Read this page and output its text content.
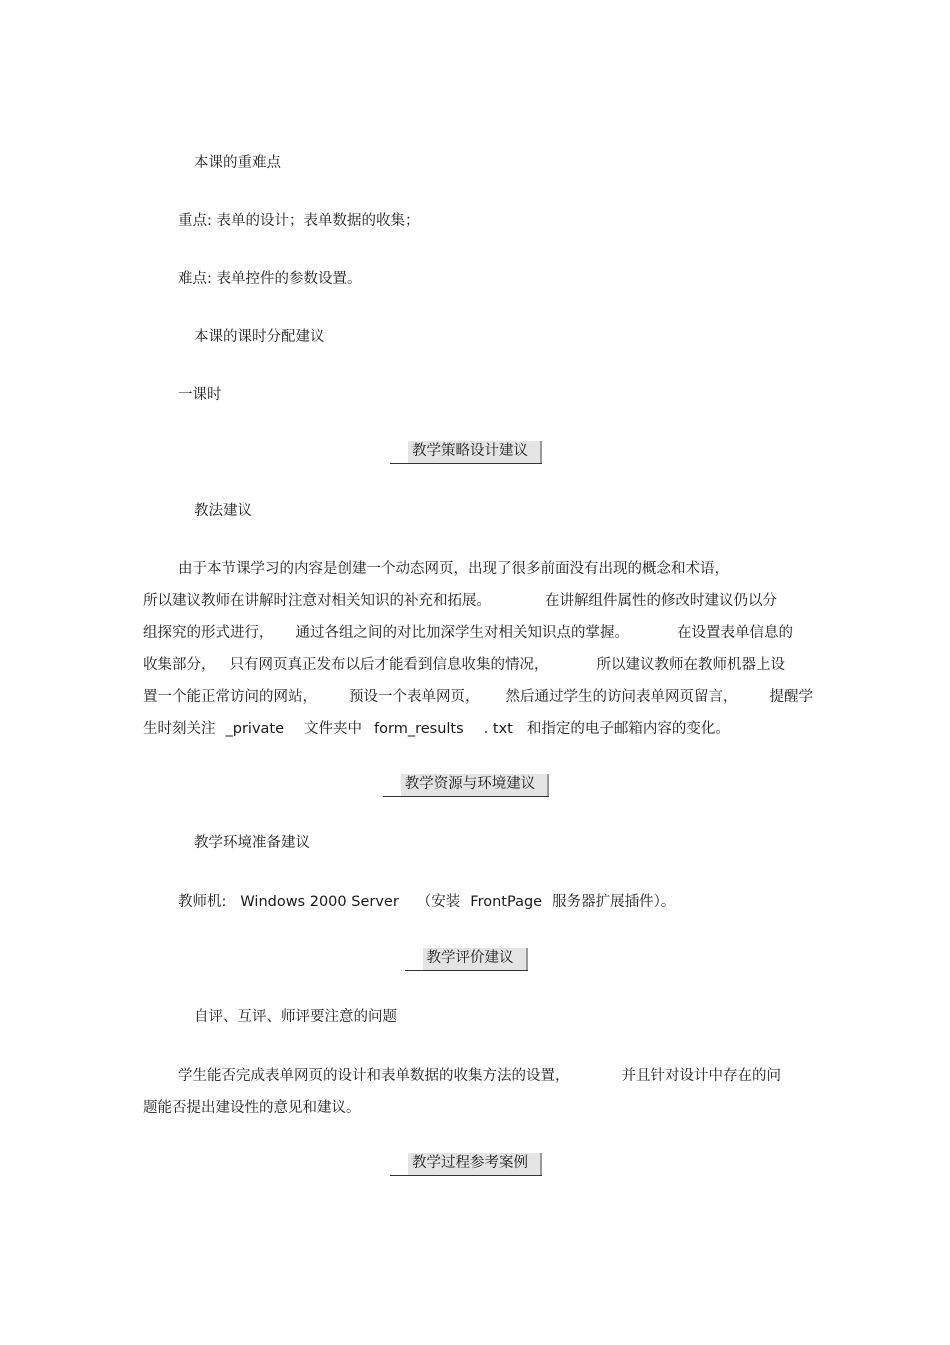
本课的重难点
重点: 表单的设计；表单数据的收集；
难点: 表单控件的参数设置。
本课的课时分配建议
一课时
教学策略设计建议
教法建议
由于本节课学习的内容是创建一个动态网页，出现了很多前面没有出现的概念和术语，
所以建议教师在讲解时注意对相关知识的补充和拓展。	在讲解组件属性的修改时建议仍以分
组探究的形式进行， 通过各组之间的对比加深学生对相关知识点的掌握。	在设置表单信息的
收集部分， 只有网页真正发布以后才能看到信息收集的情况，	所以建议教师在教师机器上设
置一个能正常访问的网站， 预设一个表单网页， 然后通过学生的访问表单网页留言， 提醒学
生时刻关注 _private 文件夹中 form_results . txt 和指定的电子邮箱内容的变化。
教学资源与环境建议
教学环境准备建议
教师机: Windows 2000 Server （安装 FrontPage 服务器扩展插件）。
教学评价建议
自评、互评、师评要注意的问题
学生能否完成表单网页的设计和表单数据的收集方法的设置，	并且针对设计中存在的问
题能否提出建设性的意见和建议。
教学过程参考案例
